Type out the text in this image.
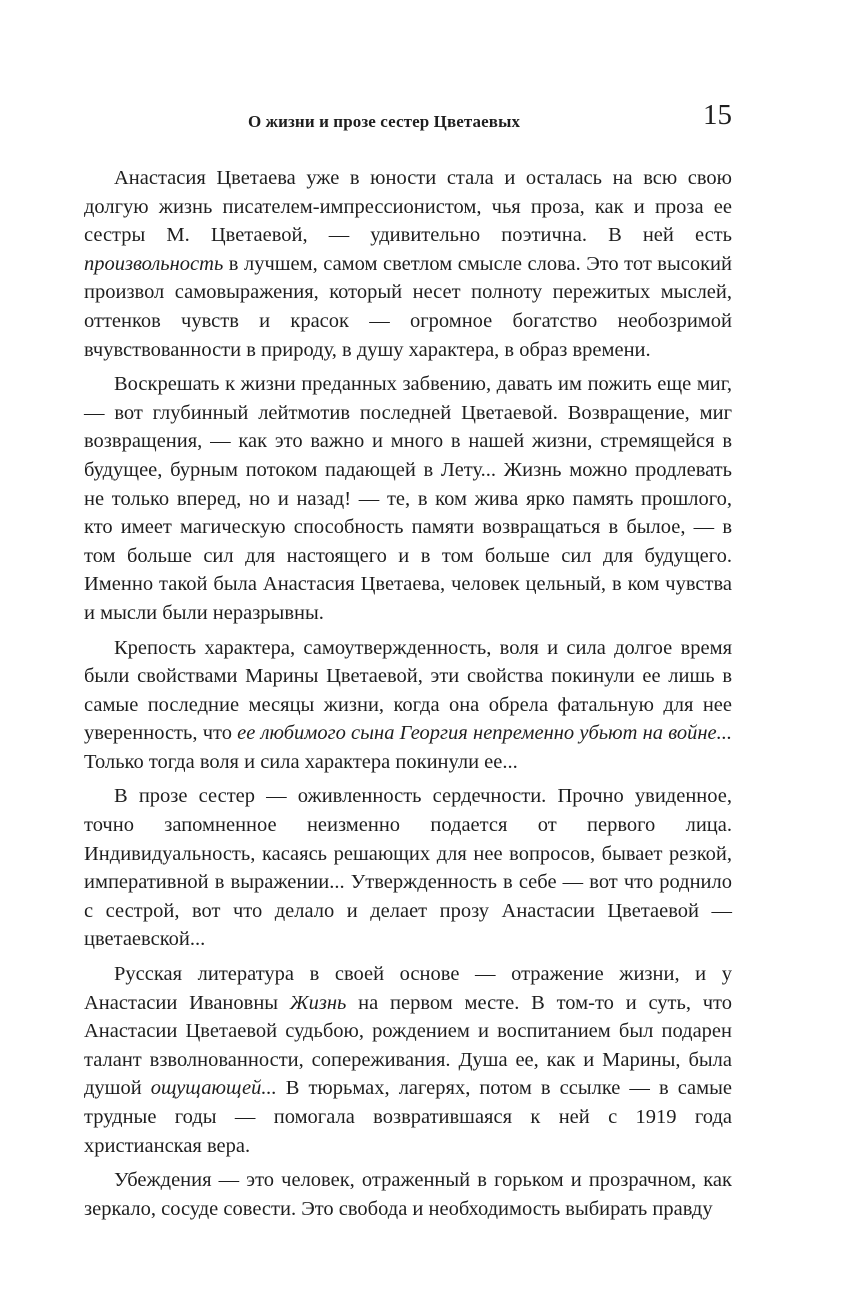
О жизни и прозе сестер Цветаевых	15

Анастасия Цветаева уже в юности стала и осталась на всю свою долгую жизнь писателем-импрессионистом, чья проза, как и проза ее сестры М. Цветаевой, — удивительно поэтична. В ней есть произвольность в лучшем, самом светлом смысле слова. Это тот высокий произвол самовыражения, который несет полноту пережитых мыслей, оттенков чувств и красок — огромное богатство необозримой вчувствованности в природу, в душу характера, в образ времени.

Воскрешать к жизни преданных забвению, давать им пожить еще миг, — вот глубинный лейтмотив последней Цветаевой. Возвращение, миг возвращения, — как это важно и много в нашей жизни, стремящейся в будущее, бурным потоком падающей в Лету... Жизнь можно продлевать не только вперед, но и назад! — те, в ком жива ярко память прошлого, кто имеет магическую способность памяти возвращаться в былое, — в том больше сил для настоящего и в том больше сил для будущего. Именно такой была Анастасия Цветаева, человек цельный, в ком чувства и мысли были неразрывны.

Крепость характера, самоутвержденность, воля и сила долгое время были свойствами Марины Цветаевой, эти свойства покинули ее лишь в самые последние месяцы жизни, когда она обрела фатальную для нее уверенность, что ее любимого сына Георгия непременно убьют на войне... Только тогда воля и сила характера покинули ее...

В прозе сестер — оживленность сердечности. Прочно увиденное, точно запомненное неизменно подается от первого лица. Индивидуальность, касаясь решающих для нее вопросов, бывает резкой, императивной в выражении... Утвержденность в себе — вот что роднило с сестрой, вот что делало и делает прозу Анастасии Цветаевой — цветаевской...

Русская литература в своей основе — отражение жизни, и у Анастасии Ивановны Жизнь на первом месте. В том-то и суть, что Анастасии Цветаевой судьбою, рождением и воспитанием был подарен талант взволнованности, сопереживания. Душа ее, как и Марины, была душой ощущающей... В тюрьмах, лагерях, потом в ссылке — в самые трудные годы — помогала возвратившаяся к ней с 1919 года христианская вера.

Убеждения — это человек, отраженный в горьком и прозрачном, как зеркало, сосуде совести. Это свобода и необходимость выбирать правду
